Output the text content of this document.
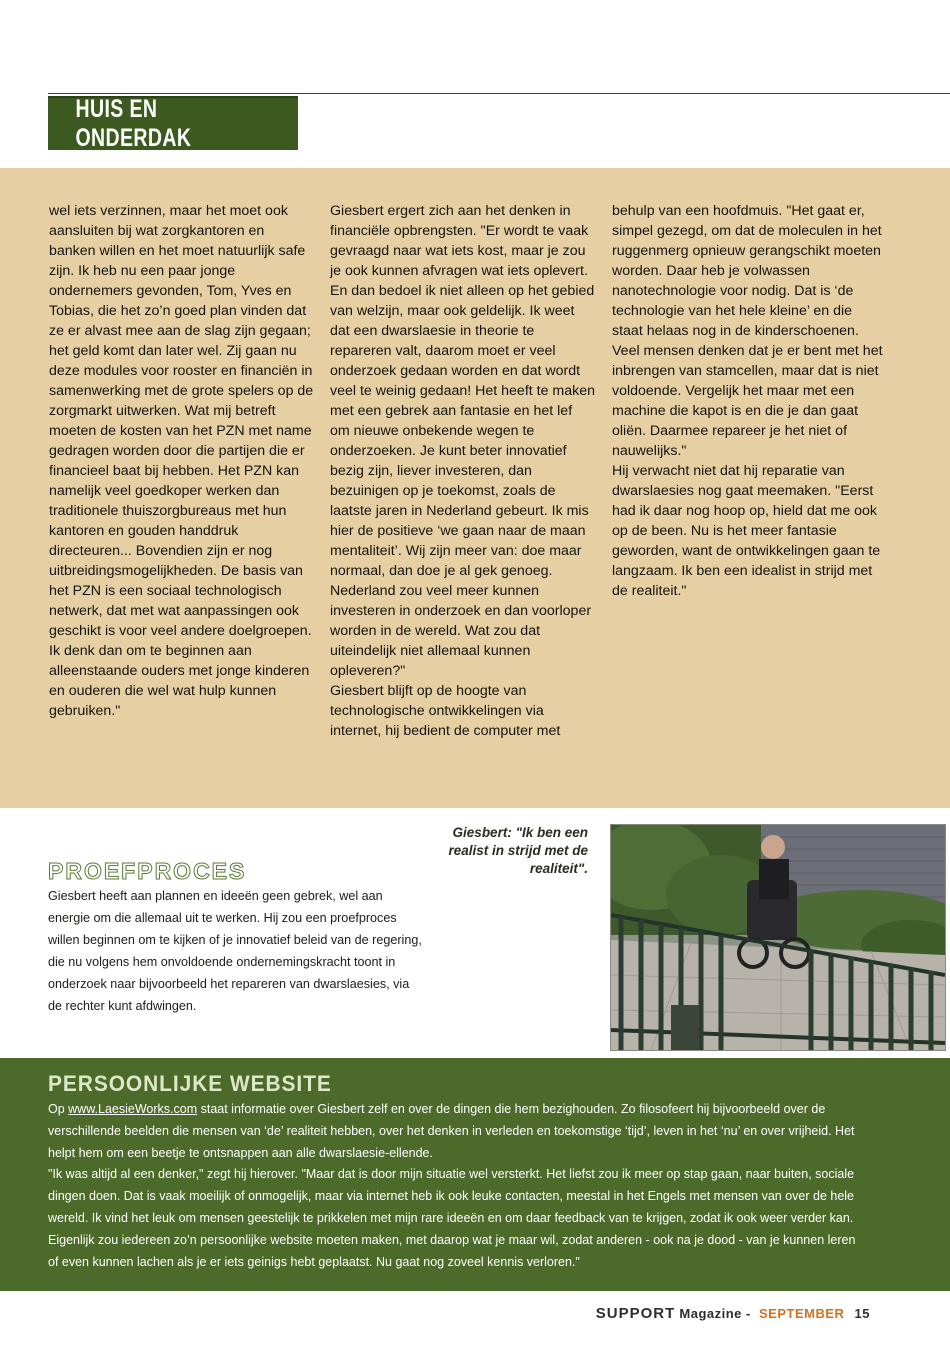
HUIS EN ONDERDAK

wel iets verzinnen, maar het moet ook aansluiten bij wat zorgkantoren en banken willen en het moet natuurlijk safe zijn. Ik heb nu een paar jonge ondernemers gevonden, Tom, Yves en Tobias, die het zo’n goed plan vinden dat ze er alvast mee aan de slag zijn gegaan; het geld komt dan later wel. Zij gaan nu deze modules voor rooster en financiën in samenwerking met de grote spelers op de zorgmarkt uitwerken. Wat mij betreft moeten de kosten van het PZN met name gedragen worden door die partijen die er financieel baat bij hebben. Het PZN kan namelijk veel goedkoper werken dan traditionele thuiszorgbureaus met hun kantoren en gouden handdruk directeuren... Bovendien zijn er nog uitbreidingsmogelijkheden. De basis van het PZN is een sociaal technologisch netwerk, dat met wat aanpassingen ook geschikt is voor veel andere doelgroepen. Ik denk dan om te beginnen aan alleenstaande ouders met jonge kinderen en ouderen die wel wat hulp kunnen gebruiken."

Giesbert ergert zich aan het denken in financiële opbrengsten. "Er wordt te vaak gevraagd naar wat iets kost, maar je zou je ook kunnen afvragen wat iets oplevert. En dan bedoel ik niet alleen op het gebied van welzijn, maar ook geldelijk. Ik weet dat een dwarslaesie in theorie te repareren valt, daarom moet er veel onderzoek gedaan worden en dat wordt veel te weinig gedaan! Het heeft te maken met een gebrek aan fantasie en het lef om nieuwe onbekende wegen te onderzoeken. Je kunt beter innovatief bezig zijn, liever investeren, dan bezuinigen op je toekomst, zoals de laatste jaren in Nederland gebeurt. Ik mis hier de positieve ‘we gaan naar de maan mentaliteit’. Wij zijn meer van: doe maar normaal, dan doe je al gek genoeg. Nederland zou veel meer kunnen investeren in onderzoek en dan voorloper worden in de wereld. Wat zou dat uiteindelijk niet allemaal kunnen opleveren?"

Giesbert blijft op de hoogte van technologische ontwikkelingen via internet, hij bedient de computer met

behulp van een hoofdmuis. "Het gaat er, simpel gezegd, om dat de moleculen in het ruggenmerg opnieuw gerangschikt moeten worden. Daar heb je volwassen nanotechnologie voor nodig. Dat is ‘de technologie van het hele kleine’ en die staat helaas nog in de kinderschoenen. Veel mensen denken dat je er bent met het inbrengen van stamcellen, maar dat is niet voldoende. Vergelijk het maar met een machine die kapot is en die je dan gaat oliën. Daarmee repareer je het niet of nauwelijks."

Hij verwacht niet dat hij reparatie van dwarslaesies nog gaat meemaken. "Eerst had ik daar nog hoop op, hield dat me ook op de been. Nu is het meer fantasie geworden, want de ontwikkelingen gaan te langzaam. Ik ben een idealist in strijd met de realiteit."

PROEFPROCES

Giesbert heeft aan plannen en ideeën geen gebrek, wel aan energie om die allemaal uit te werken. Hij zou een proefproces willen beginnen om te kijken of je innovatief beleid van de regering, die nu volgens hem onvoldoende ondernemingskracht toont in onderzoek naar bijvoorbeeld het repareren van dwarslaesies, via de rechter kunt afdwingen.

Giesbert: "Ik ben een realist in strijd met de realiteit".
PERSOONLIJKE WEBSITE

Op www.LaesieWorks.com staat informatie over Giesbert zelf en over de dingen die hem bezighouden. Zo filosofeert hij bijvoorbeeld over de verschillende beelden die mensen van ‘de’ realiteit hebben, over het denken in verleden en toekomstige ‘tijd’, leven in het ‘nu’ en over vrijheid. Het helpt hem om een beetje te ontsnappen aan alle dwarslaesie-ellende.

"Ik was altijd al een denker," zegt hij hierover. "Maar dat is door mijn situatie wel versterkt. Het liefst zou ik meer op stap gaan, naar buiten, sociale dingen doen. Dat is vaak moeilijk of onmogelijk, maar via internet heb ik ook leuke contacten, meestal in het Engels met mensen van over de hele wereld. Ik vind het leuk om mensen geestelijk te prikkelen met mijn rare ideeën en om daar feedback van te krijgen, zodat ik ook weer verder kan. Eigenlijk zou iedereen zo’n persoonlijke website moeten maken, met daarop wat je maar wil, zodat anderen - ook na je dood - van je kunnen leren of even kunnen lachen als je er iets geinigs hebt geplaatst. Nu gaat nog zoveel kennis verloren."

SUPPORT Magazine - SEPTEMBER 15
